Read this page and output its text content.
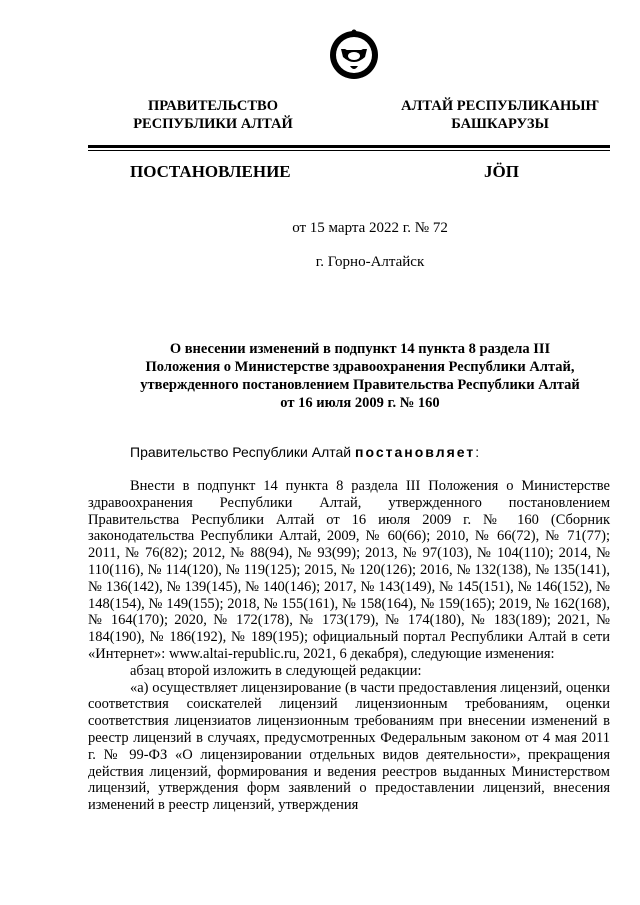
ПРАВИТЕЛЬСТВО
РЕСПУБЛИКИ АЛТАЙ
АЛТАЙ РЕСПУБЛИКАНЫҤ
БАШКАРУЗЫ
ПОСТАНОВЛЕНИЕ	JӦП
от 15 марта 2022 г. № 72
г. Горно-Алтайск
О внесении изменений в подпункт 14 пункта 8 раздела III
Положения о Министерстве здравоохранения Республики Алтай,
утвержденного постановлением Правительства Республики Алтай
от 16 июля 2009 г. № 160
Правительство Республики Алтай постановляет:

Внести в подпункт 14 пункта 8 раздела III Положения о Министерстве здравоохранения Республики Алтай, утвержденного постановлением Правительства Республики Алтай от 16 июля 2009 г. № 160 (Сборник законодательства Республики Алтай, 2009, № 60(66); 2010, № 66(72), № 71(77); 2011, № 76(82); 2012, № 88(94), № 93(99); 2013, № 97(103), № 104(110); 2014, № 110(116), № 114(120), № 119(125); 2015, № 120(126); 2016, № 132(138), № 135(141), № 136(142), № 139(145), № 140(146); 2017, № 143(149), № 145(151), № 146(152), № 148(154), № 149(155); 2018, № 155(161), № 158(164), № 159(165); 2019, № 162(168), № 164(170); 2020, № 172(178), № 173(179), № 174(180), № 183(189); 2021, № 184(190), № 186(192), № 189(195); официальный портал Республики Алтай в сети «Интернет»: www.altai-republic.ru, 2021, 6 декабря), следующие изменения:

абзац второй изложить в следующей редакции:

«а) осуществляет лицензирование (в части предоставления лицензий, оценки соответствия соискателей лицензий лицензионным требованиям, оценки соответствия лицензиатов лицензионным требованиям при внесении изменений в реестр лицензий в случаях, предусмотренных Федеральным законом от 4 мая 2011 г. № 99-ФЗ «О лицензировании отдельных видов деятельности», прекращения действия лицензий, формирования и ведения реестров выданных Министерством лицензий, утверждения форм заявлений о предоставлении лицензий, внесения изменений в реестр лицензий, утверждения
